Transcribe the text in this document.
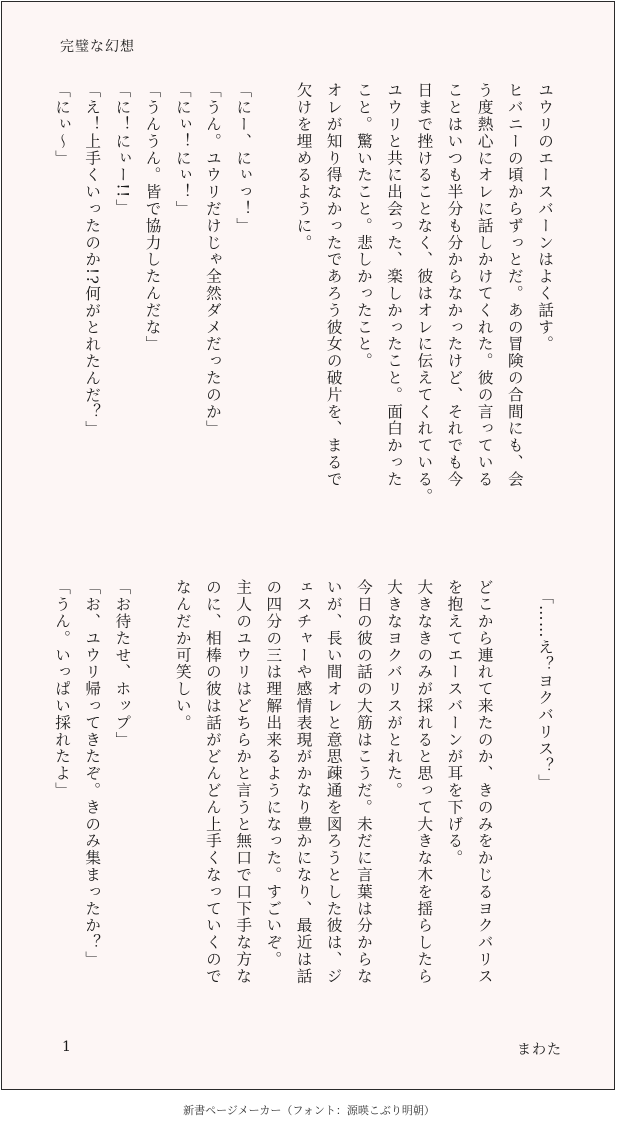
完璧な幻想
ユウリのエースバーンはよく話す。
ヒバニーの頃からずっとだ。あの冒険の合間にも、会
う度熱心にオレに話しかけてくれた。彼の言っている
ことはいつも半分も分からなかったけど、それでも今
日まで挫けることなく、彼はオレに伝えてくれている。
ユウリと共に出会った、楽しかったこと。面白かった
こと。驚いたこと。悲しかったこと。
オレが知り得なかったであろう彼女の破片を、まるで
欠けを埋めるように。
「にー、にぃっ！」
「うん。ユウリだけじゃ全然ダメだったのか」
「にぃ！にぃ！」
「うんうん。皆で協力したんだな」
「に！にぃー!!」
「え！上手くいったのか!?何がとれたんだ？」
「にぃ〜」
　「……え？ヨクバリス？」
どこから連れて来たのか、きのみをかじるヨクバリス
を抱えてエースバーンが耳を下げる。
大きなきのみが採れると思って大きな木を揺らしたら
大きなヨクバリスがとれた。
今日の彼の話の大筋はこうだ。未だに言葉は分からな
いが、長い間オレと意思疎通を図ろうとした彼は、ジ
ェスチャーや感情表現がかなり豊かになり、最近は話
の四分の三は理解出来るようになった。すごいぞ。
主人のユウリはどちらかと言うと無口で口下手な方な
のに、相棒の彼は話がどんどん上手くなっていくので
なんだか可笑しい。
「お待たせ、ホップ」
「お、ユウリ帰ってきたぞ。きのみ集まったか？」
「うん。いっぱい採れたよ」
1	まわた
新書ページメーカー（フォント：源暎こぶり明朝）
